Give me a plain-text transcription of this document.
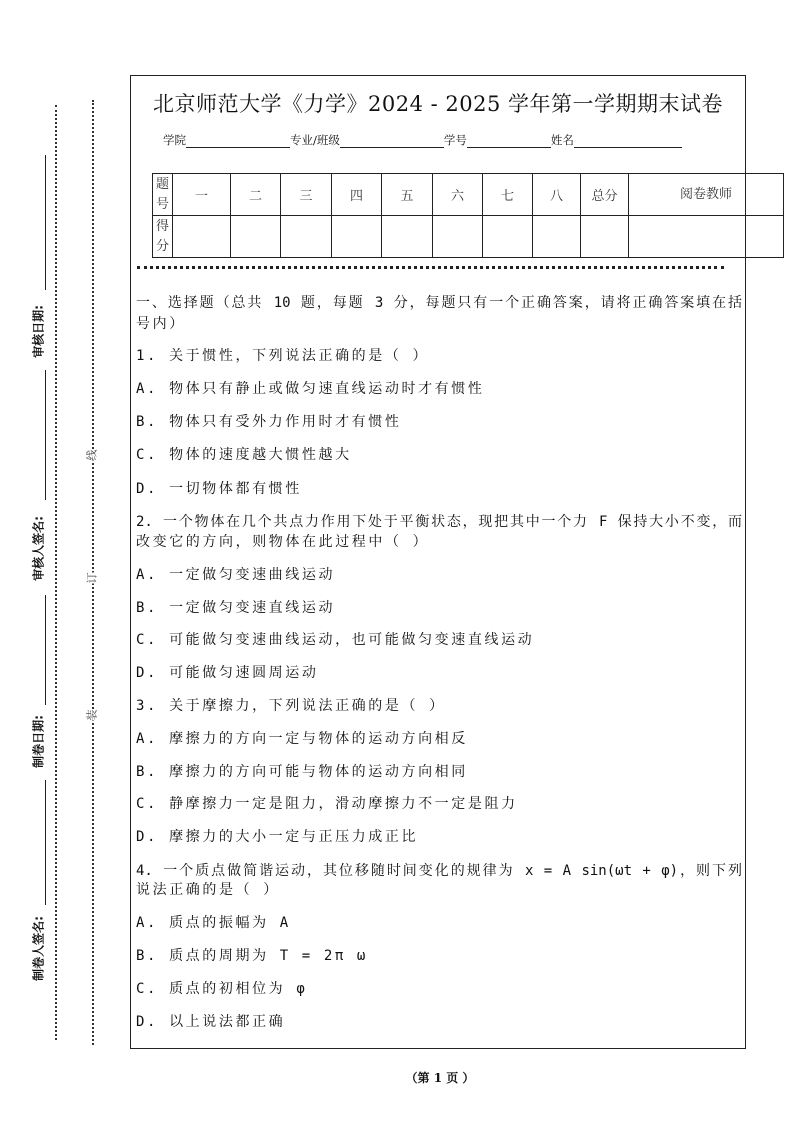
审核日期:
审核人签名:
制卷日期:
制卷人签名:
线
订
装
北京师范大学《力学》2024 - 2025 学年第一学期期末试卷
学院	专业/班级	学号	姓名
题号	一	二	三	四	五	六	七	八	总分	阅卷教师
得分										
一、选择题（总共 10 题，每题 3 分，每题只有一个正确答案，请将正确答案填在括
号内）
1. 关于惯性，下列说法正确的是（ ）
A. 物体只有静止或做匀速直线运动时才有惯性
B. 物体只有受外力作用时才有惯性
C. 物体的速度越大惯性越大
D. 一切物体都有惯性
2. 一个物体在几个共点力作用下处于平衡状态，现把其中一个力 F 保持大小不变，而
改变它的方向，则物体在此过程中（ ）
A. 一定做匀变速曲线运动
B. 一定做匀变速直线运动
C. 可能做匀变速曲线运动，也可能做匀变速直线运动
D. 可能做匀速圆周运动
3. 关于摩擦力，下列说法正确的是（ ）
A. 摩擦力的方向一定与物体的运动方向相反
B. 摩擦力的方向可能与物体的运动方向相同
C. 静摩擦力一定是阻力，滑动摩擦力不一定是阻力
D. 摩擦力的大小一定与正压力成正比
4. 一个质点做简谐运动，其位移随时间变化的规律为 x = A sin(ωt + φ)，则下列
说法正确的是（ ）
A. 质点的振幅为 A
B. 质点的周期为 T = 2π ω
C. 质点的初相位为 φ
D. 以上说法都正确
（第 1 页 ）
